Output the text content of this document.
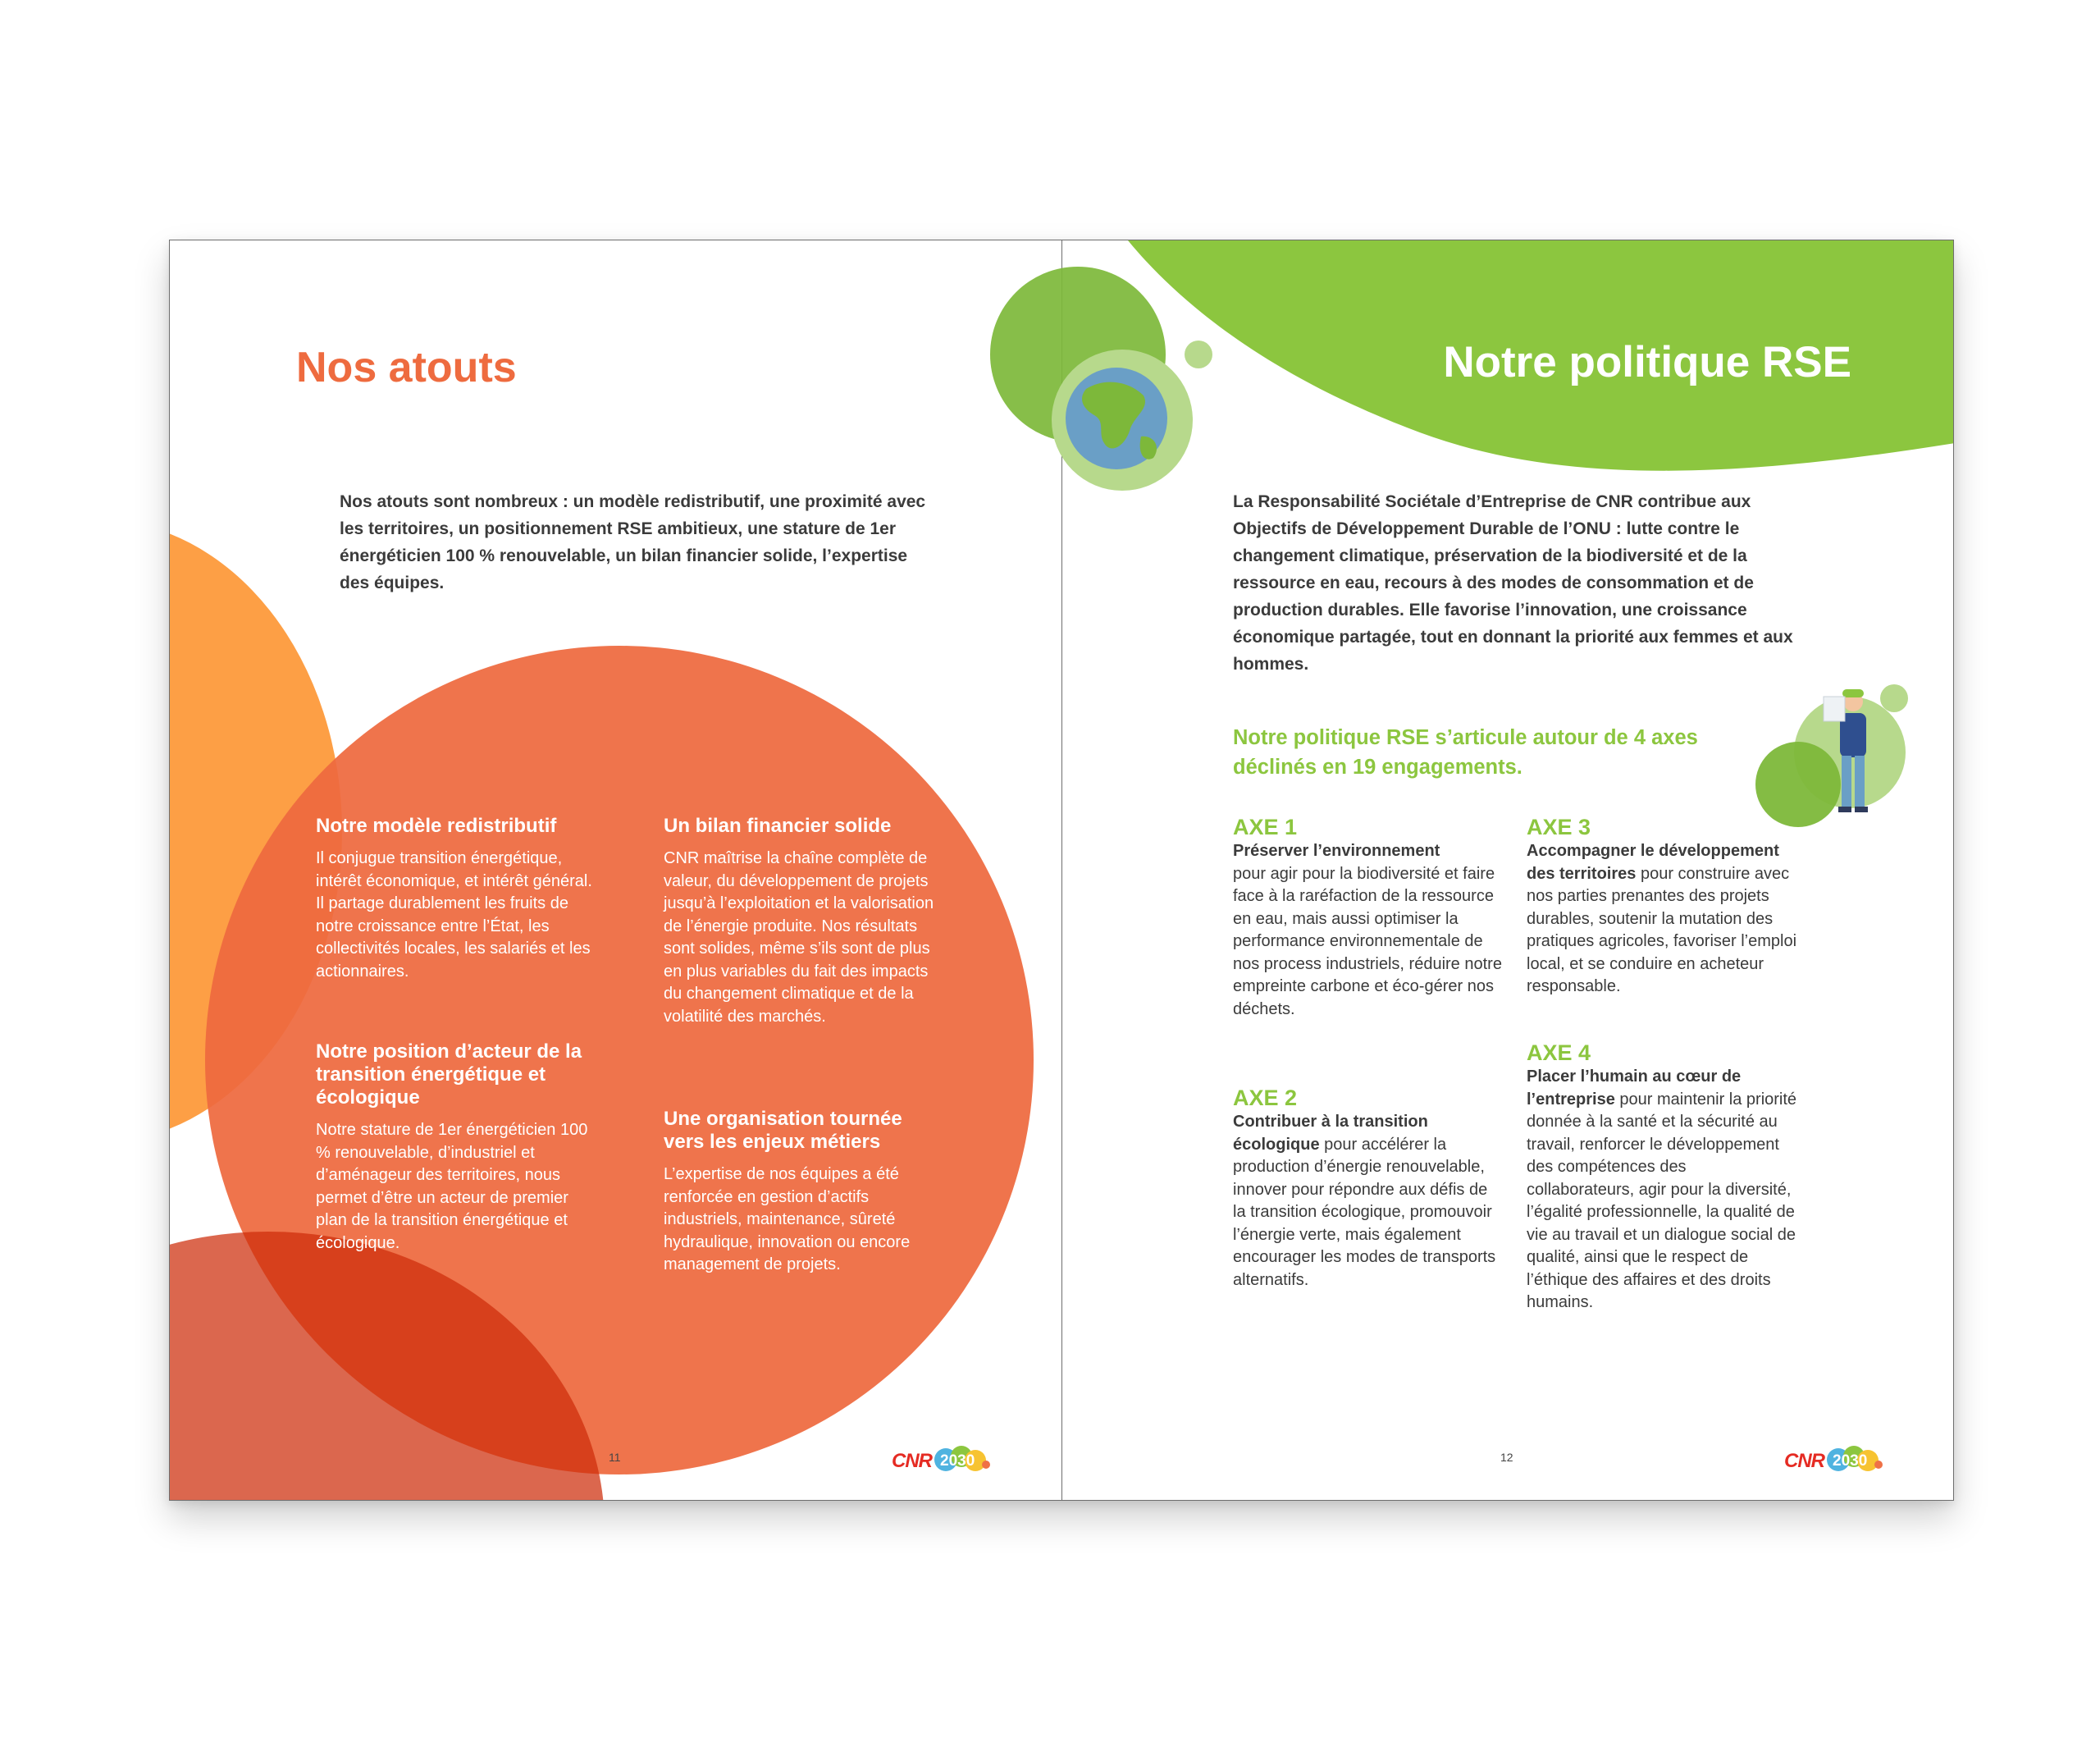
Nos atouts
Nos atouts sont nombreux : un modèle redistributif, une proximité avec les territoires, un positionnement RSE ambitieux, une stature de 1er énergéticien 100 % renouvelable, un bilan financier solide, l’expertise des équipes.
Notre modèle redistributif

Il conjugue transition énergétique, intérêt économique, et intérêt général. Il partage durablement les fruits de notre croissance entre l’État, les collectivités locales, les salariés et les actionnaires.

Notre position d’acteur de la transition énergétique et écologique

Notre stature de 1er énergéticien 100 % renouvelable, d’industriel et d’aménageur des territoires, nous permet d’être un acteur de premier plan de la transition énergétique et écologique.

Un bilan financier solide

CNR maîtrise la chaîne complète de valeur, du développement de projets jusqu’à l’exploitation et la valorisation de l’énergie produite. Nos résultats sont solides, même s’ils sont de plus en plus variables du fait des impacts du changement climatique et de la volatilité des marchés.

Une organisation tournée vers les enjeux métiers

L’expertise de nos équipes a été renforcée en gestion d’actifs industriels, maintenance, sûreté hydraulique, innovation ou encore management de projets.

11	CNR 2030
Notre politique RSE
La Responsabilité Sociétale d’Entreprise de CNR contribue aux Objectifs de Développement Durable de l’ONU : lutte contre le changement climatique, préservation de la biodiversité et de la ressource en eau, recours à des modes de consommation et de production durables. Elle favorise l’innovation, une croissance économique partagée, tout en donnant la priorité aux femmes et aux hommes.
Notre politique RSE s’articule autour de 4 axes déclinés en 19 engagements.
AXE 1
Préserver l’environnement
pour agir pour la biodiversité et faire face à la raréfaction de la ressource en eau, mais aussi optimiser la performance environnementale de nos process industriels, réduire notre empreinte carbone et éco-gérer nos déchets.
AXE 2
Contribuer à la transition écologique pour accélérer la production d’énergie renouvelable, innover pour répondre aux défis de la transition écologique, promouvoir l’énergie verte, mais également encourager les modes de transports alternatifs.
AXE 3
Accompagner le développement des territoires pour construire avec nos parties prenantes des projets durables, soutenir la mutation des pratiques agricoles, favoriser l’emploi local, et se conduire en acheteur responsable.
AXE 4
Placer l’humain au cœur de l’entreprise pour maintenir la priorité donnée à la santé et la sécurité au travail, renforcer le développement des compétences des collaborateurs, agir pour la diversité, l’égalité professionnelle, la qualité de vie au travail et un dialogue social de qualité, ainsi que le respect de l’éthique des affaires et des droits humains.
12	CNR 2030
